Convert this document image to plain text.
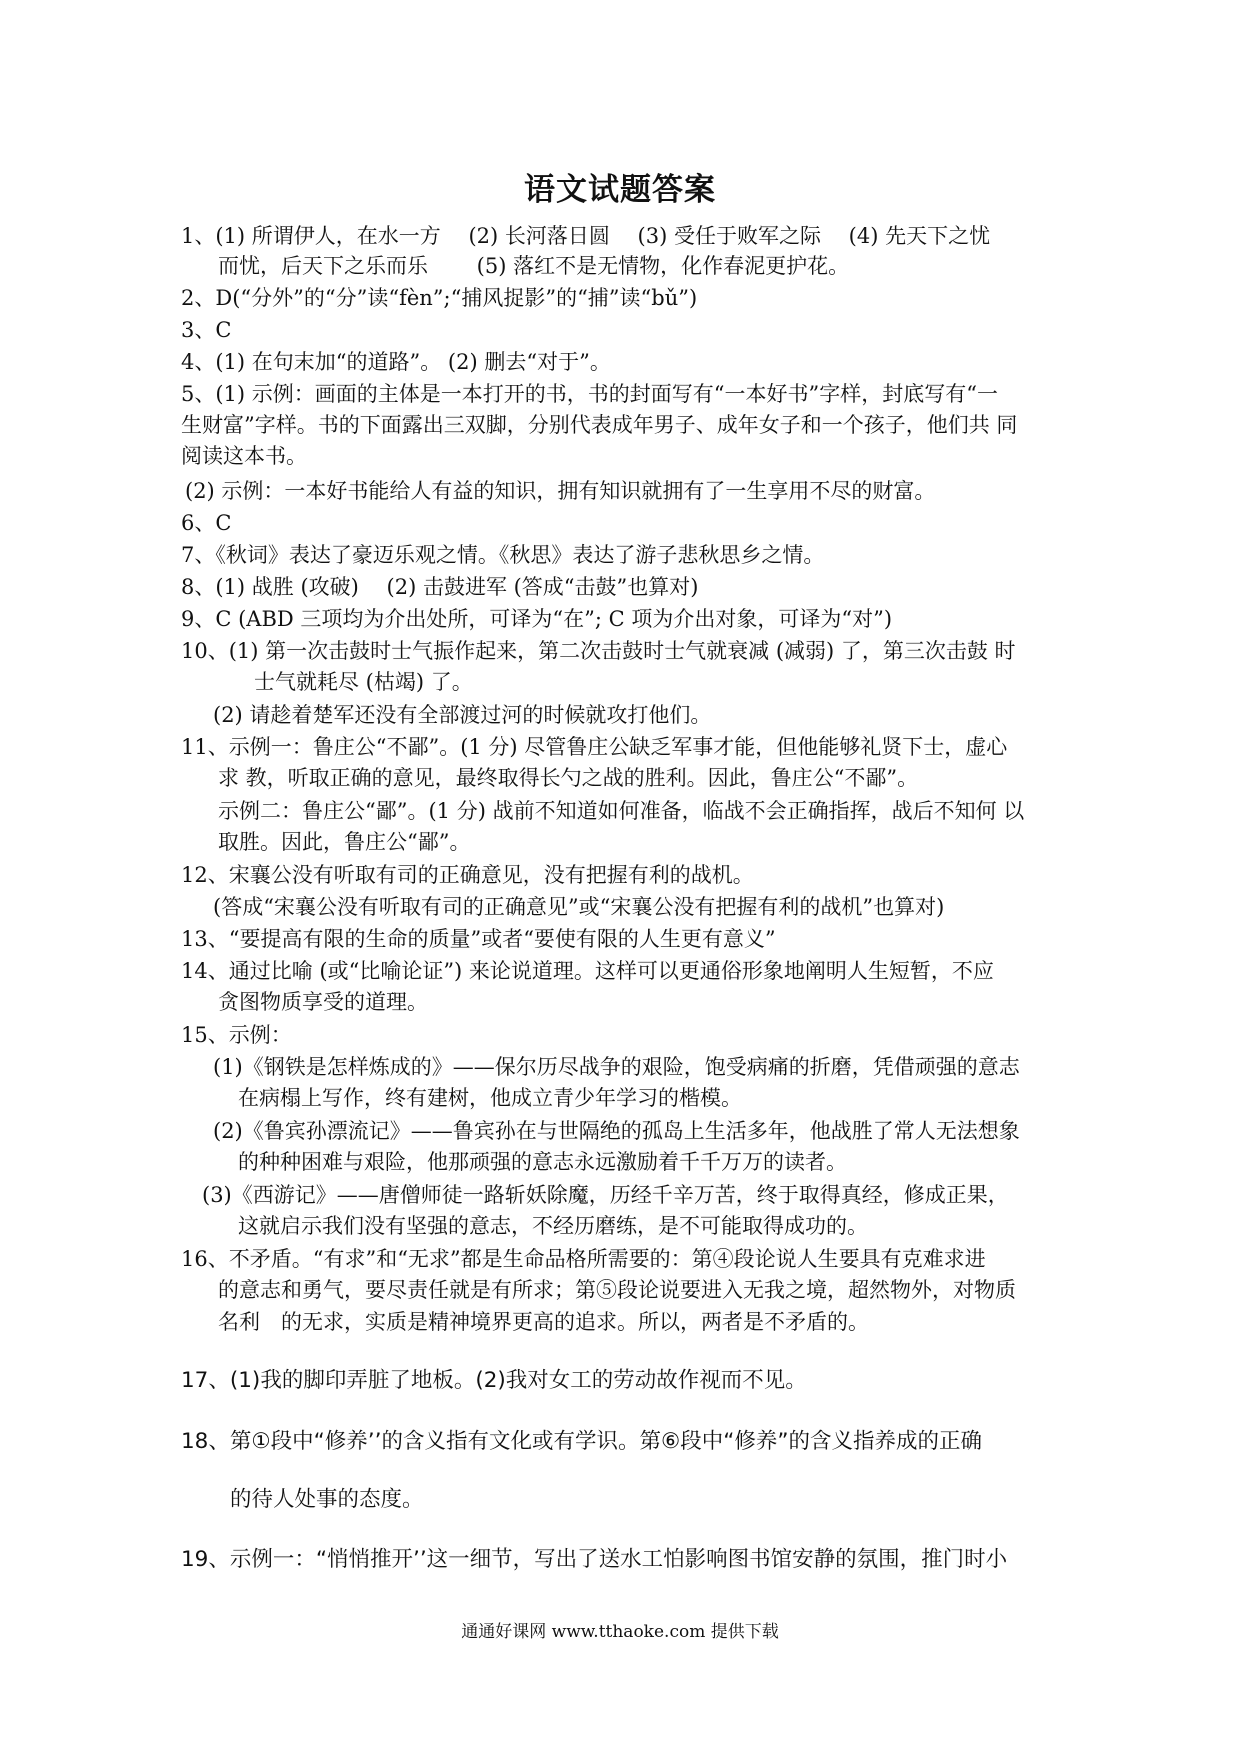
语文试题答案
1、(1) 所谓伊人，在水一方　 (2) 长河落日圆　 (3) 受任于败军之际　 (4) 先天下之忧
而忧，后天下之乐而乐　　 (5) 落红不是无情物，化作春泥更护花。
2、D(“分外”的“分”读“fèn”;“捕风捉影”的“捕”读“bǔ”)
3、C
4、(1) 在句末加“的道路”。 (2) 删去“对于”。
5、(1) 示例：画面的主体是一本打开的书，书的封面写有“一本好书”字样，封底写有“一
生财富”字样。书的下面露出三双脚，分别代表成年男子、成年女子和一个孩子，他们共 同
阅读这本书。
(2) 示例：一本好书能给人有益的知识，拥有知识就拥有了一生享用不尽的财富。
6、C
7、《秋词》表达了豪迈乐观之情。《秋思》表达了游子悲秋思乡之情。
8、(1) 战胜 (攻破)　 (2) 击鼓进军 (答成“击鼓”也算对)
9、C (ABD 三项均为介出处所，可译为“在”; C 项为介出对象，可译为“对”)
10、(1) 第一次击鼓时士气振作起来，第二次击鼓时士气就衰减 (减弱) 了，第三次击鼓 时
士气就耗尽 (枯竭) 了。
(2) 请趁着楚军还没有全部渡过河的时候就攻打他们。
11、示例一：鲁庄公“不鄙”。(1 分) 尽管鲁庄公缺乏军事才能，但他能够礼贤下士，虚心
求 教，听取正确的意见，最终取得长勺之战的胜利。因此，鲁庄公“不鄙”。
示例二：鲁庄公“鄙”。(1 分) 战前不知道如何准备，临战不会正确指挥，战后不知何 以
取胜。因此，鲁庄公“鄙”。
12、宋襄公没有听取有司的正确意见，没有把握有利的战机。
(答成“宋襄公没有听取有司的正确意见”或“宋襄公没有把握有利的战机”也算对)
13、“要提高有限的生命的质量”或者“要使有限的人生更有意义”
14、通过比喻 (或“比喻论证”) 来论说道理。这样可以更通俗形象地阐明人生短暂，不应
贪图物质享受的道理。
15、示例：
(1)《钢铁是怎样炼成的》——保尔历尽战争的艰险，饱受病痛的折磨，凭借顽强的意志
在病榻上写作，终有建树，他成立青少年学习的楷模。
(2)《鲁宾孙漂流记》——鲁宾孙在与世隔绝的孤岛上生活多年，他战胜了常人无法想象
的种种困难与艰险，他那顽强的意志永远激励着千千万万的读者。
(3)《西游记》——唐僧师徒一路斩妖除魔，历经千辛万苦，终于取得真经，修成正果，
这就启示我们没有坚强的意志，不经历磨练，是不可能取得成功的。
16、不矛盾。“有求”和“无求”都是生命品格所需要的：第④段论说人生要具有克难求进
的意志和勇气，要尽责任就是有所求；第⑤段论说要进入无我之境，超然物外，对物质
名利　的无求，实质是精神境界更高的追求。所以，两者是不矛盾的。
17、(1)我的脚印弄脏了地板。(2)我对女工的劳动故作视而不见。
18、第①段中“修养’’的含义指有文化或有学识。第⑥段中“修养”的含义指养成的正确
的待人处事的态度。
19、示例一：“悄悄推开’’这一细节，写出了送水工怕影响图书馆安静的氛围，推门时小
通通好课网 www.tthaoke.com 提供下载
